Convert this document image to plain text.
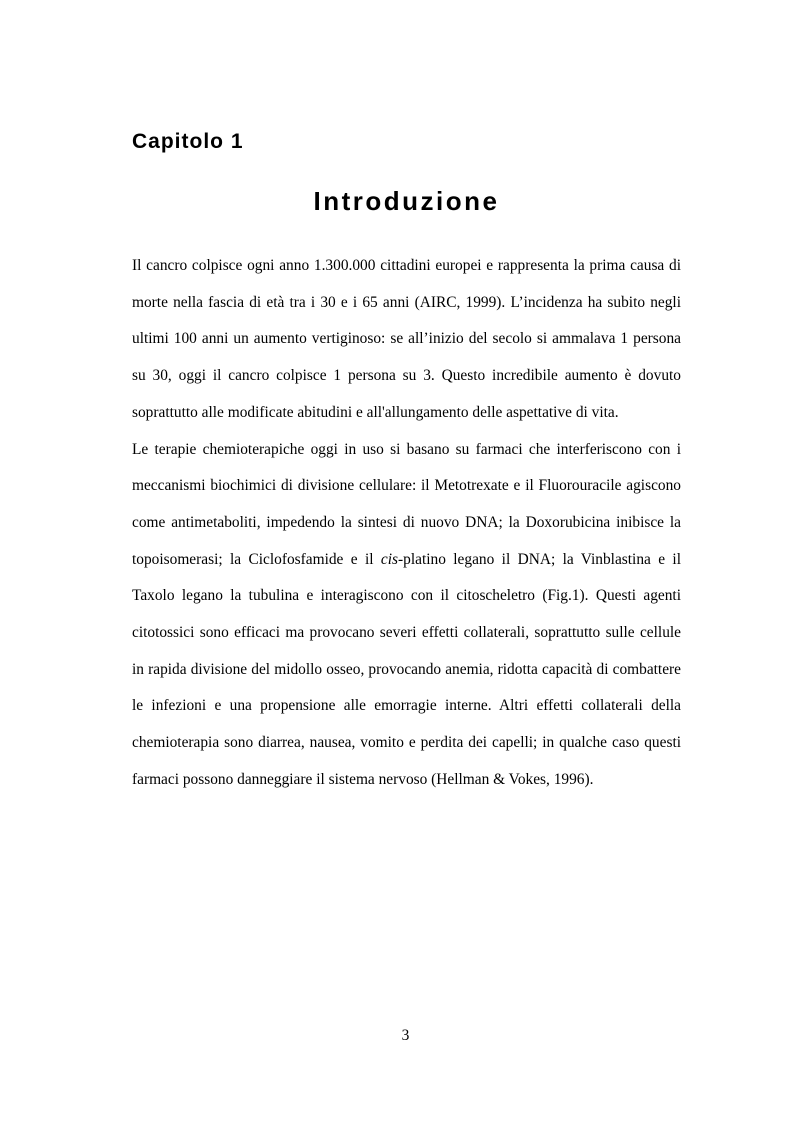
Capitolo 1
Introduzione

Il cancro colpisce ogni anno 1.300.000 cittadini europei e rappresenta la prima causa di morte nella fascia di età tra i 30 e i 65 anni (AIRC, 1999). L’incidenza ha subito negli ultimi 100 anni un aumento vertiginoso: se all’inizio del secolo si ammalava 1 persona su 30, oggi il cancro colpisce 1 persona su 3. Questo incredibile aumento è dovuto soprattutto alle modificate abitudini e all'allungamento delle aspettative di vita.

Le terapie chemioterapiche oggi in uso si basano su farmaci che interferiscono con i meccanismi biochimici di divisione cellulare: il Metotrexate e il Fluorouracile agiscono come antimetaboliti, impedendo la sintesi di nuovo DNA; la Doxorubicina inibisce la topoisomerasi; la Ciclofosfamide e il cis-platino legano il DNA; la Vinblastina e il Taxolo legano la tubulina e interagiscono con il citoscheletro (Fig.1). Questi agenti citotossici sono efficaci ma provocano severi effetti collaterali, soprattutto sulle cellule in rapida divisione del midollo osseo, provocando anemia, ridotta capacità di combattere le infezioni e una propensione alle emorragie interne. Altri effetti collaterali della chemioterapia sono diarrea, nausea, vomito e perdita dei capelli; in qualche caso questi farmaci possono danneggiare il sistema nervoso (Hellman & Vokes, 1996).

3
